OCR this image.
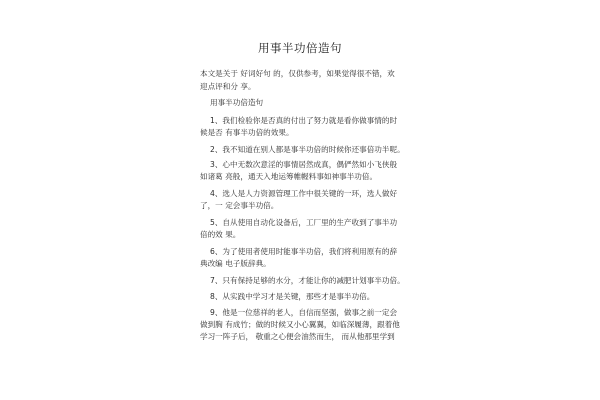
用事半功倍造句
本文是关于 好词好句 的，仅供参考，如果觉得很不错，欢
迎点评和分 享。
用事半功倍造句
1、我们检验你是否真的付出了努力就是看你做事情的时
候是否 有事半功倍的效果。
2、我不知道在别人都是事半功倍的时候你还事倍功半呢。
3、心中无数次意淫的事情居然成真，偶俨然如小飞侠般
如诸葛 亮般，通天入地运筹帷幄料事如神事半功倍。
4、选人是人力资源管理工作中很关键的一环，选人做好
了，一 定会事半功倍。
5、自从使用自动化设备后，工厂里的生产收到了事半功
倍的效 果。
6、为了使用者使用时能事半功倍，我们将利用原有的辞
典改编 电子版辞典。
7、只有保持足够的水分，才能让你的减肥计划事半功倍。
8、从实践中学习才是关键，那些才是事半功倍。
9、他是一位慈祥的老人，自信而坚强，做事之前一定会
做到胸 有成竹；做的时候又小心翼翼，如临深履薄，跟着他
学习一阵子后， 敬重之心便会油然而生， 而从他那里学到
